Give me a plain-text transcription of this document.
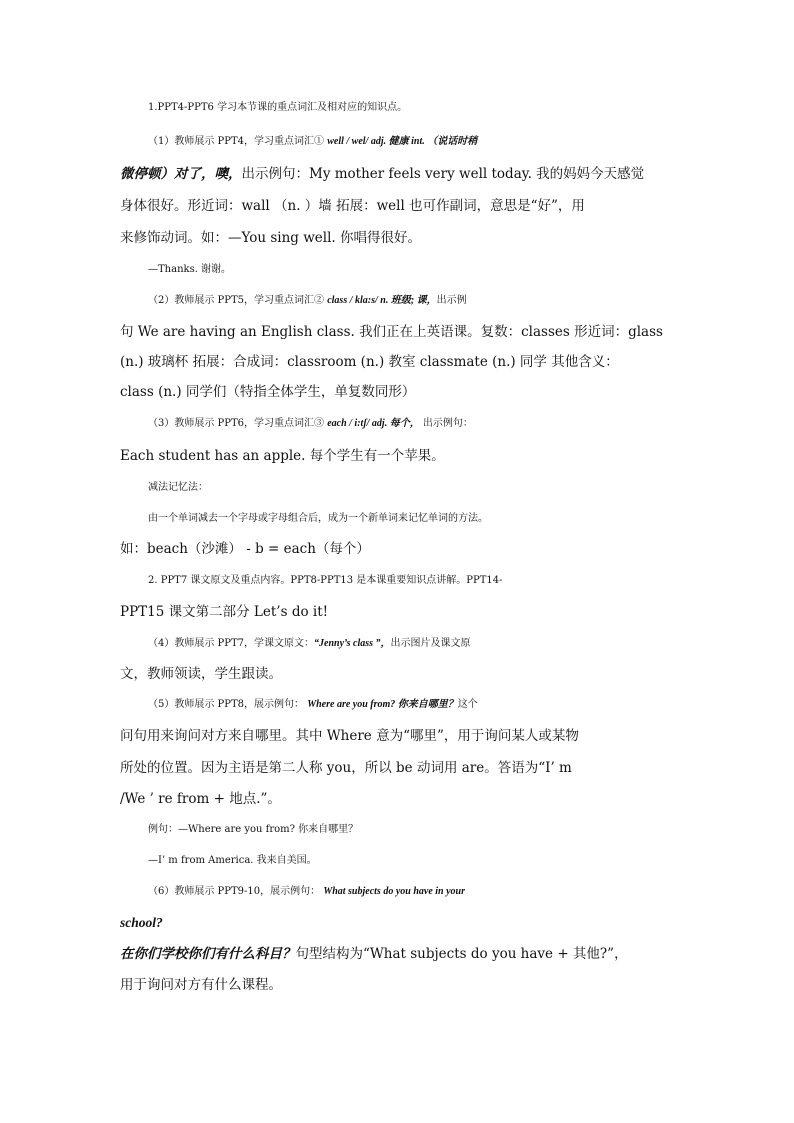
1.PPT4-PPT6 学习本节课的重点词汇及相对应的知识点。
（1）教师展示 PPT4，学习重点词汇① well / wel/ adj. 健康 int. （说话时稍
微停顿）对了，噢，出示例句：My mother feels very well today. 我的妈妈今天感觉
身体很好。形近词：wall （n. ）墙 拓展：well 也可作副词，意思是“好”，用
来修饰动词。如：—You sing well. 你唱得很好。
—Thanks. 谢谢。
（2）教师展示 PPT5，学习重点词汇② class / klɑ:s/ n. 班级; 课，出示例
句 We are having an English class. 我们正在上英语课。复数：classes 形近词：glass
(n.) 玻璃杯 拓展：合成词：classroom (n.) 教室 classmate (n.) 同学 其他含义：
class (n.) 同学们（特指全体学生，单复数同形）
（3）教师展示 PPT6，学习重点词汇③ each / i:tʃ/ adj. 每个， 出示例句：
Each student has an apple. 每个学生有一个苹果。
减法记忆法：
由一个单词减去一个字母或字母组合后，成为一个新单词来记忆单词的方法。
如：beach（沙滩） - b = each（每个）
2. PPT7 课文原文及重点内容。PPT8-PPT13 是本课重要知识点讲解。PPT14-
PPT15 课文第二部分 Let’s do it!
（4）教师展示 PPT7，学课文原文：“Jenny’s class ”，出示图片及课文原
文，教师领读，学生跟读。
（5）教师展示 PPT8，展示例句： Where are you from? 你来自哪里？这个
问句用来询问对方来自哪里。其中 Where 意为“哪里”，用于询问某人或某物
所处的位置。因为主语是第二人称 you，所以 be 动词用 are。答语为“I’ m
/We ’ re from + 地点.”。
例句：—Where are you from? 你来自哪里？
—I’ m from America. 我来自美国。
（6）教师展示 PPT9-10，展示例句： What subjects do you have in your
school?
在你们学校你们有什么科目？句型结构为“What subjects do you have + 其他?”，
用于询问对方有什么课程。
